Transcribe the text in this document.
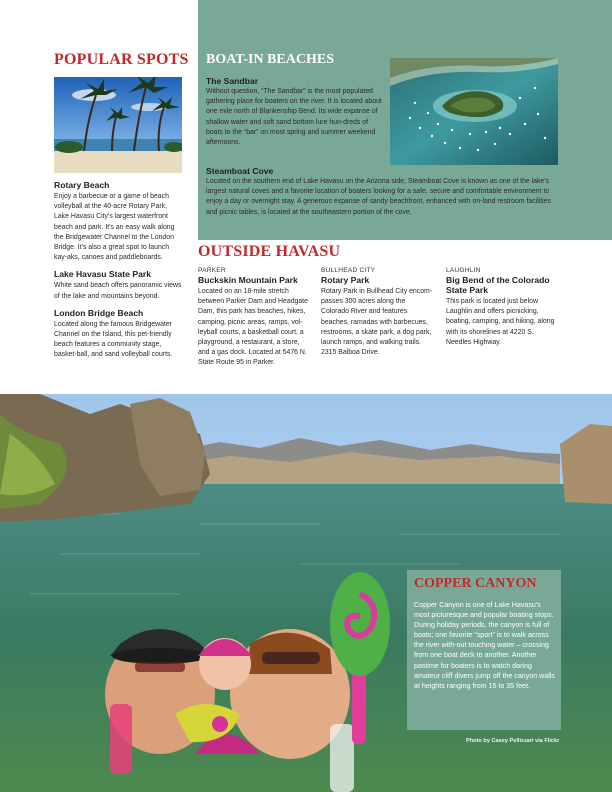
POPULAR SPOTS
Rotary Beach
Enjoy a barbecue or a game of beach volleyball at the 40-acre Rotary Park, Lake Havasu City's largest waterfront beach and park. It's an easy walk along the Bridgewater Channel to the London Bridge. It's also a great spot to launch kay-aks, canoes and paddleboards.
Lake Havasu State Park
White sand beach offers panoramic views of the lake and mountains beyond.
London Bridge Beach
Located along the famous Bridgewater Channel on the Island, this pet-friendly beach features a community stage, basket-ball, and sand volleyball courts.
BOAT-IN BEACHES
The Sandbar
Without question, “The Sandbar” is the most populated gathering place for boaters on the river. It is located about one mile north of Blankenship Bend. Its wide expanse of shallow water and soft sand bottom lure hun-dreds of boats to the “bar” on most spring and summer weekend afternoons.
Steamboat Cove
Located on the southern end of Lake Havasu on the Arizona side, Steamboat Cove is known as one of the lake's largest natural coves and a favorite location of boaters looking for a safe, secure and comfortable environment to enjoy a day or overnight stay. A generous expanse of sandy beachfront, enhanced with on-land restroom facilities and picnic tables, is located at the southeastern portion of the cove.
OUTSIDE HAVASU
PARKER
Buckskin Mountain Park
Located on an 18-mile stretch between Parker Dam and Headgate Dam, this park has beaches, hikes, camping, picnic areas, ramps, vol-leyball courts, a basketball court, a playground, a restaurant, a store, and a gas dock. Located at 5476 N. State Route 95 in Parker.
BULLHEAD CITY
Rotary Park
Rotary Park in Bullhead City encom-passes 300 acres along the Colorado River and features beaches, ramadas with barbecues, restrooms, a skate park, a dog park, launch ramps, and walking trails. 2315 Balboa Drive.
LAUGHLIN
Big Bend of the Colorado State Park
This park is located just below Laughlin and offers picnicking, boating, camping, and hiking, along with its shorelines at 4220 S. Needles Highway.
COPPER CANYON
Copper Canyon is one of Lake Havasu's most picturesque and popular boating stops. During holiday periods, the canyon is full of boats; one favorite “sport” is to walk across the river with-out touching water – crossing from one boat deck to another. Another pastime for boaters is to watch daring amateur cliff divers jump off the canyon walls at heights ranging from 15 to 35 feet.
Photo by Casey Pellizzari via Flickr
